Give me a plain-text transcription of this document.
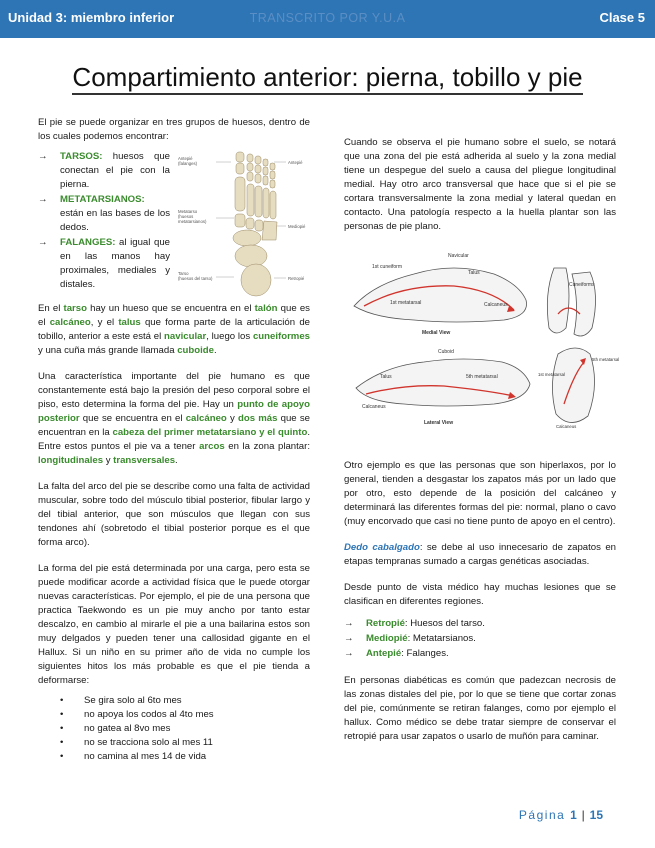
Unidad 3: miembro inferior	TRANSCRITO POR Y.U.A	Clase 5
Compartimiento anterior: pierna, tobillo y pie

El pie se puede organizar en tres grupos de huesos, dentro de los cuales podemos encontrar:

→	TARSOS: huesos que conectan el pie con la pierna.
→	METATARSIANOS: están en las bases de los dedos.
→	FALANGES: al igual que en las manos hay proximales, mediales y distales.
Antepié
(falanges)
Metatarso
(huesos
metatarsianos)
Tarso
(huesos del tarso)
Antepié
Mediopié
Retropié

En el tarso hay un hueso que se encuentra en el talón que es el calcáneo, y el talus que forma parte de la articulación de tobillo, anterior a este está el navicular, luego los cuneiformes y una cuña más grande llamada cuboide.

Una característica importante del pie humano es que constantemente está bajo la presión del peso corporal sobre el piso, esto determina la forma del pie. Hay un punto de apoyo posterior que se encuentra en el calcáneo y dos más que se encuentran en la cabeza del primer metatarsiano y el quinto. Entre estos puntos el pie va a tener arcos en la zona plantar: longitudinales y transversales.

La falta del arco del pie se describe como una falta de actividad muscular, sobre todo del músculo tibial posterior, fibular largo y del tibial anterior, que son músculos que llegan con sus tendones ahí (sobretodo el tibial posterior porque es el que forma arco).

La forma del pie está determinada por una carga, pero esta se puede modificar acorde a actividad física que le puede otorgar nuevas características. Por ejemplo, el pie de una persona que practica Taekwondo es un pie muy ancho por tanto estar descalzo, en cambio al mirarle el pie a una bailarina estos son muy delgados y pueden tener una callosidad gigante en el Hallux. Si un niño en su primer año de vida no cumple los siguientes hitos los más probable es que el pie tienda a deformarse:

• Se gira solo al 6to mes
• no apoya los codos al 4to mes
• no gatea al 8vo mes
• no se tracciona solo al mes 11
• no camina al mes 14 de vida

Cuando se observa el pie humano sobre el suelo, se notará que una zona del pie está adherida al suelo y la zona medial tiene un despegue del suelo a causa del pliegue longitudinal medial. Hay otro arco transversal que hace que si el pie se cortara transversalmente la zona medial y lateral quedan en contacto. Una patología respecto a la huella plantar son las personas de pie plano.

Navicular
1st cuneiform
Talus
1st metatarsal	Calcaneus
Medial View
Cuneiforms
Cuboid
Talus	5th metatarsal
Calcaneus
Lateral View
5th metatarsal
1st metatarsal
Calcaneus

Otro ejemplo es que las personas que son hiperlaxos, por lo general, tienden a desgastar los zapatos más por un lado que por otro, esto depende de la posición del calcáneo y determinará las diferentes formas del pie: normal, plano o cavo (muy encorvado que casi no tiene punto de apoyo en el centro).

Dedo cabalgado: se debe al uso innecesario de zapatos en etapas tempranas sumado a cargas genéticas asociadas.

Desde punto de vista médico hay muchas lesiones que se clasifican en diferentes regiones.

→	Retropié: Huesos del tarso.
→	Mediopié: Metatarsianos.
→	Antepié: Falanges.

En personas diabéticas es común que padezcan necrosis de las zonas distales del pie, por lo que se tiene que cortar zonas del pie, comúnmente se retiran falanges, como por ejemplo el hallux. Como médico se debe tratar siempre de conservar el retropié para usar zapatos o usarlo de muñón para caminar.

Página 1 | 15
